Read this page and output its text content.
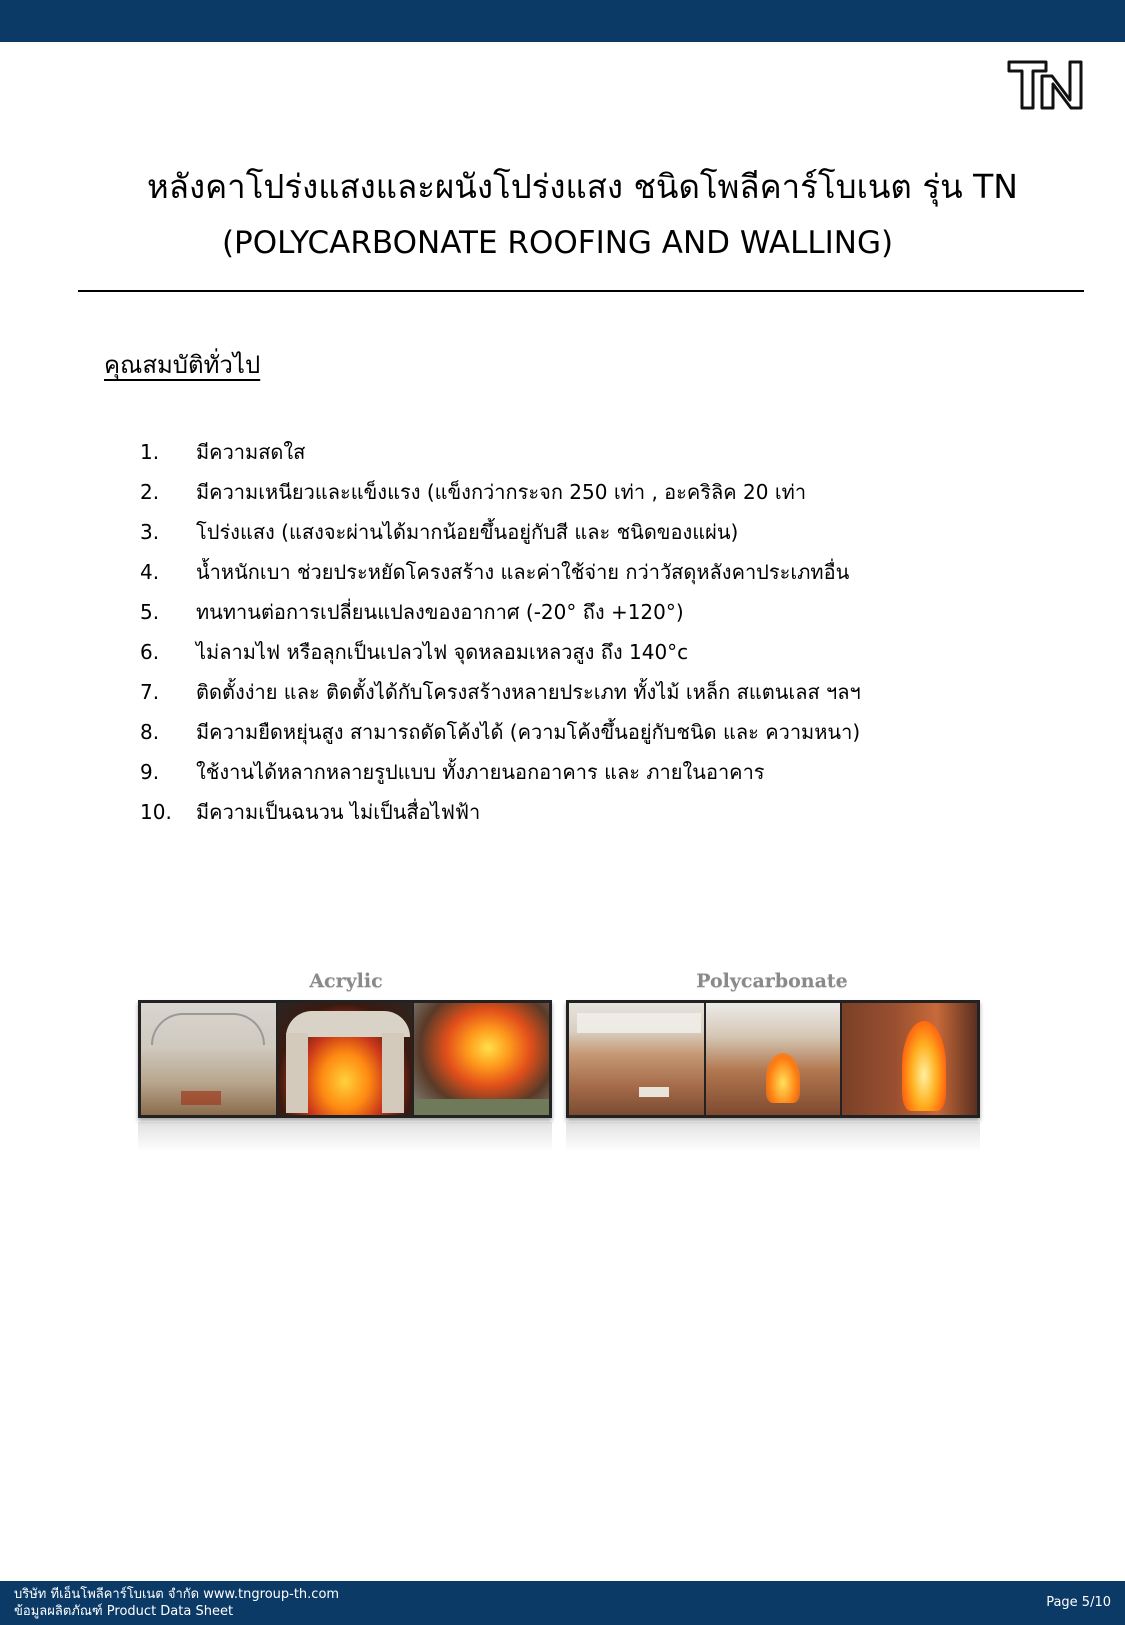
หลังคาโปร่งแสงและผนังโปร่งแสง ชนิดโพลีคาร์โบเนต รุ่น TN
(POLYCARBONATE ROOFING AND WALLING)
คุณสมบัติทั่วไป
1.	มีความสดใส
2.	มีความเหนียวและแข็งแรง (แข็งกว่ากระจก 250 เท่า , อะคริลิค 20 เท่า
3.	โปร่งแสง (แสงจะผ่านได้มากน้อยขึ้นอยู่กับสี และ ชนิดของแผ่น)
4.	น้ำหนักเบา ช่วยประหยัดโครงสร้าง และค่าใช้จ่าย กว่าวัสดุหลังคาประเภทอื่น
5.	ทนทานต่อการเปลี่ยนแปลงของอากาศ (-20° ถึง +120°)
6.	ไม่ลามไฟ หรือลุกเป็นเปลวไฟ จุดหลอมเหลวสูง ถึง 140°c
7.	ติดตั้งง่าย และ ติดตั้งได้กับโครงสร้างหลายประเภท ทั้งไม้ เหล็ก สแตนเลส ฯลฯ
8.	มีความยืดหยุ่นสูง สามารถดัดโค้งได้ (ความโค้งขึ้นอยู่กับชนิด และ ความหนา)
9.	ใช้งานได้หลากหลายรูปแบบ ทั้งภายนอกอาคาร และ ภายในอาคาร
10.	มีความเป็นฉนวน ไม่เป็นสื่อไฟฟ้า
Acrylic	Polycarbonate
บริษัท ทีเอ็นโพลีคาร์โบเนต จำกัด www.tngroup-th.com
ข้อมูลผลิตภัณฑ์ Product Data Sheet
Page 5/10
